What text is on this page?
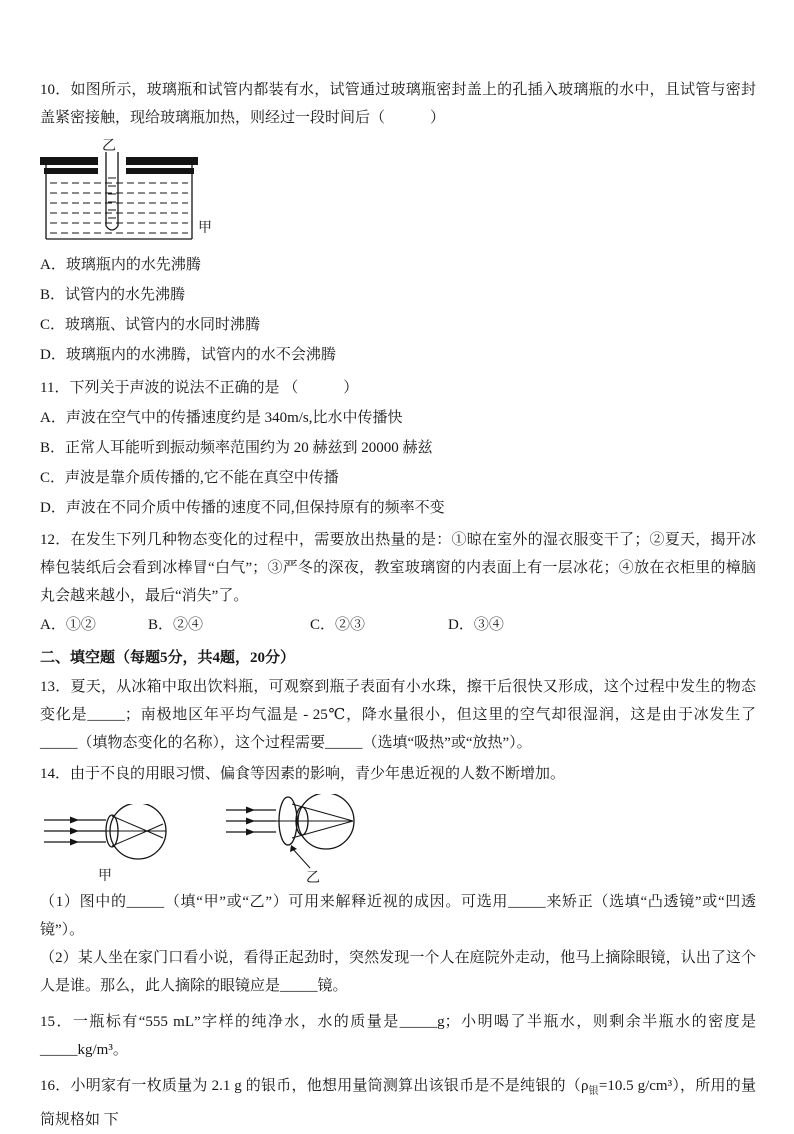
10．如图所示，玻璃瓶和试管内都装有水，试管通过玻璃瓶密封盖上的孔插入玻璃瓶的水中，且试管与密封盖紧密接触，现给玻璃瓶加热，则经过一段时间后（　　　）

乙
甲

A．玻璃瓶内的水先沸腾

B．试管内的水先沸腾

C．玻璃瓶、试管内的水同时沸腾

D．玻璃瓶内的水沸腾，试管内的水不会沸腾

11．下列关于声波的说法不正确的是 （　　　）

A．声波在空气中的传播速度约是 340m/s,比水中传播快

B．正常人耳能听到振动频率范围约为 20 赫兹到 20000 赫兹

C．声波是靠介质传播的,它不能在真空中传播

D．声波在不同介质中传播的速度不同,但保持原有的频率不变

12．在发生下列几种物态变化的过程中，需要放出热量的是：①晾在室外的湿衣服变干了；②夏天，揭开冰棒包装纸后会看到冰棒冒“白气”；③严冬的深夜，教室玻璃窗的内表面上有一层冰花；④放在衣柜里的樟脑丸会越来越小，最后“消失”了。

A．①②	B．②④	C．②③	D．③④

二、填空题（每题5分，共4题，20分）

13．夏天，从冰箱中取出饮料瓶，可观察到瓶子表面有小水珠，擦干后很快又形成，这个过程中发生的物态变化是_____；南极地区年平均气温是 - 25℃，降水量很小，但这里的空气却很湿润，这是由于冰发生了_____（填物态变化的名称），这个过程需要_____（选填“吸热”或“放热”）。

14．由于不良的用眼习惯、偏食等因素的影响，青少年患近视的人数不断增加。

甲	乙

（1）图中的_____（填“甲”或“乙”）可用来解释近视的成因。可选用_____来矫正（选填“凸透镜”或“凹透镜”）。

（2）某人坐在家门口看小说，看得正起劲时，突然发现一个人在庭院外走动，他马上摘除眼镜，认出了这个人是谁。那么，此人摘除的眼镜应是_____镜。

15．一瓶标有“555 mL”字样的纯净水，水的质量是_____g；小明喝了半瓶水，则剩余半瓶水的密度是_____kg/m³。

16．小明家有一枚质量为 2.1 g 的银币，他想用量筒测算出该银币是不是纯银的（$\rho_银=10.5$ g/cm³），所用的量筒规格如 下
